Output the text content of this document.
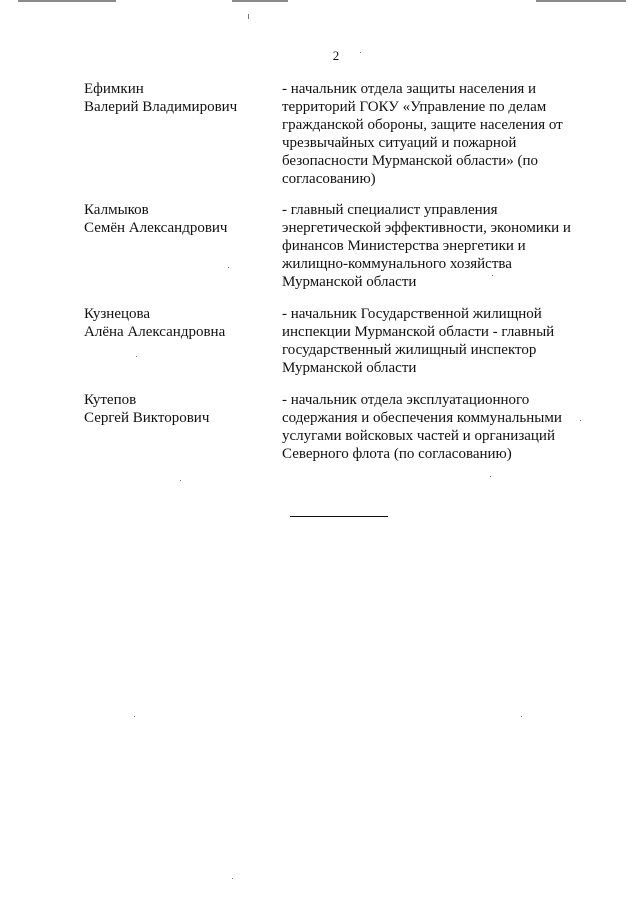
2
Ефимкин
Валерий Владимирович
- начальник отдела защиты населения и
территорий ГОКУ «Управление по делам
гражданской обороны, защите населения от
чрезвычайных ситуаций и пожарной
безопасности Мурманской области» (по
согласованию)
Калмыков
Семён Александрович
- главный специалист управления
энергетической эффективности, экономики и
финансов Министерства энергетики и
жилищно-коммунального хозяйства
Мурманской области
Кузнецова
Алёна Александровна
- начальник Государственной жилищной
инспекции Мурманской области - главный
государственный жилищный инспектор
Мурманской области
Кутепов
Сергей Викторович
- начальник отдела эксплуатационного
содержания и обеспечения коммунальными
услугами войсковых частей и организаций
Северного флота (по согласованию)
